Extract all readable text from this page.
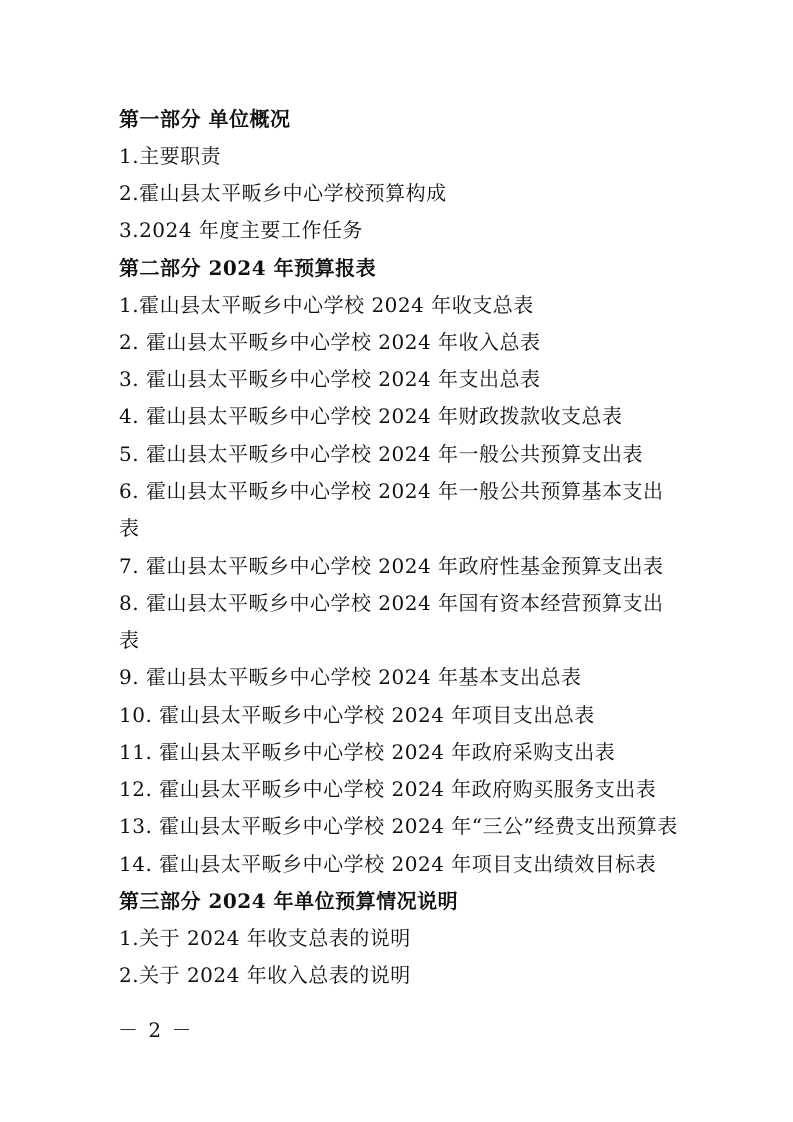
第一部分 单位概况
1.主要职责
2.霍山县太平畈乡中心学校预算构成
3.2024 年度主要工作任务
第二部分 2024 年预算报表
1.霍山县太平畈乡中心学校 2024 年收支总表
2. 霍山县太平畈乡中心学校 2024 年收入总表
3. 霍山县太平畈乡中心学校 2024 年支出总表
4. 霍山县太平畈乡中心学校 2024 年财政拨款收支总表
5. 霍山县太平畈乡中心学校 2024 年一般公共预算支出表
6. 霍山县太平畈乡中心学校 2024 年一般公共预算基本支出
表
7. 霍山县太平畈乡中心学校 2024 年政府性基金预算支出表
8. 霍山县太平畈乡中心学校 2024 年国有资本经营预算支出
表
9. 霍山县太平畈乡中心学校 2024 年基本支出总表
10. 霍山县太平畈乡中心学校 2024 年项目支出总表
11. 霍山县太平畈乡中心学校 2024 年政府采购支出表
12. 霍山县太平畈乡中心学校 2024 年政府购买服务支出表
13. 霍山县太平畈乡中心学校 2024 年“三公”经费支出预算表
14. 霍山县太平畈乡中心学校 2024 年项目支出绩效目标表
第三部分 2024 年单位预算情况说明
1.关于 2024 年收支总表的说明
2.关于 2024 年收入总表的说明
－ 2 －
